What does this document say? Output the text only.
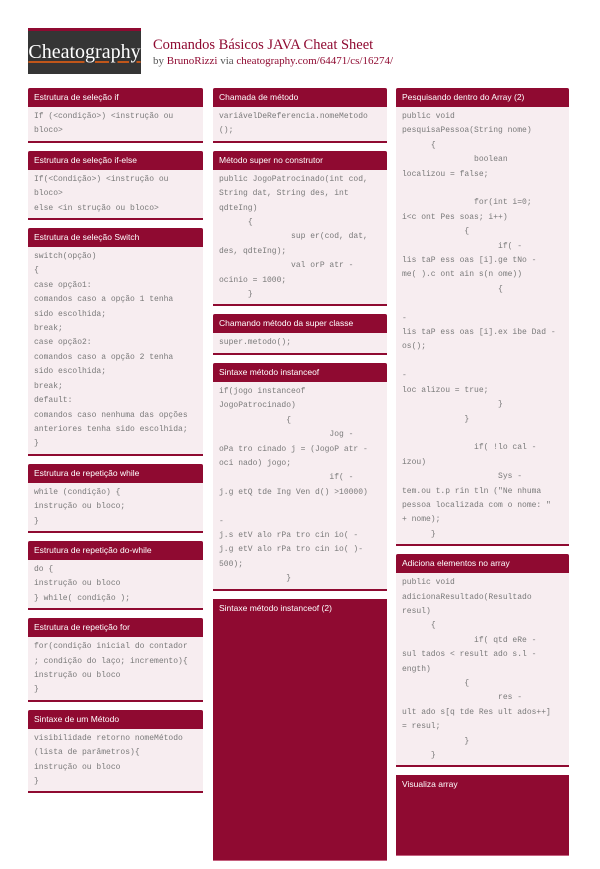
Cheatography Comandos Básicos JAVA Cheat Sheet
by BrunoRizzi via cheatography.com/64471/cs/16274/
Estrutura de seleção if
If (<condição>) <instrução ou
bloco>
Estrutura de seleção if-else
If(<Condição>) <instrução ou
bloco>
else <in strução ou bloco>
Estrutura de seleção Switch
switch(opção)
{
case opção1:
comandos caso a opção 1 tenha
sido escolhida;
break;
case opção2:
comandos caso a opção 2 tenha
sido escolhida;
break;
default:
comandos caso nenhuma das opções
anteriores tenha sido escolhida;
}
Estrutura de repetição while
while (condição) {
instrução ou bloco;
}
Estrutura de repetição do-while
do {
instrução ou bloco
} while( condição );
Estrutura de repetição for
for(condição inicial do contador
; condição do laço; incremento){
instrução ou bloco
}
Sintaxe de um Método
visibilidade retorno nomeMétodo
(lista de parâmetros){
instrução ou bloco
}
Chamada de método
variávelDeReferencia.nomeMetodo();
Método super no construtor
public JogoPatrocinado(int cod,
String dat, String des, int
qdteIng)
{
sup er(cod, dat,
des, qdteIng);
val orP atr -
ocinio = 1000;
}
Chamando método da super classe
super.metodo();
Sintaxe método instanceof
if(jogo instanceof
JogoPatrocinado)
{
Jog -
oPa tro cinado j = (JogoP atr -
oci nado) jogo;
if( -
j.g etQ tde Ing Ven d() >10000)
-
j.s etV alo rPa tro cin io( -
j.g etV alo rPa tro cin io( )-
500);
}
Sintaxe método instanceof (2)
Pesquisando dentro do Array (2)
public void
pesquisaPessoa(String nome)
{
boolean
localizou = false;
for(int i=0;
i<c ont Pes soas; i++)
{
if( -
lis taP ess oas [i].ge tNo -
me( ).c ont ain s(n ome))
{
-
lis taP ess oas [i].ex ibe Dad -
os();
-
loc alizou = true;
}
}
if( !lo cal -
izou)
Sys -
tem.ou t.p rin tln ("Ne nhuma
pessoa localizada com o nome: "
+ nome);
}
Adiciona elementos no array
public void
adicionaResultado(Resultado
resul)
{
if( qtd eRe -
sul tados < result ado s.l -
ength)
{
res -
ult ado s[q tde Res ult ados++]
= resul;
}
}
Visualiza array
